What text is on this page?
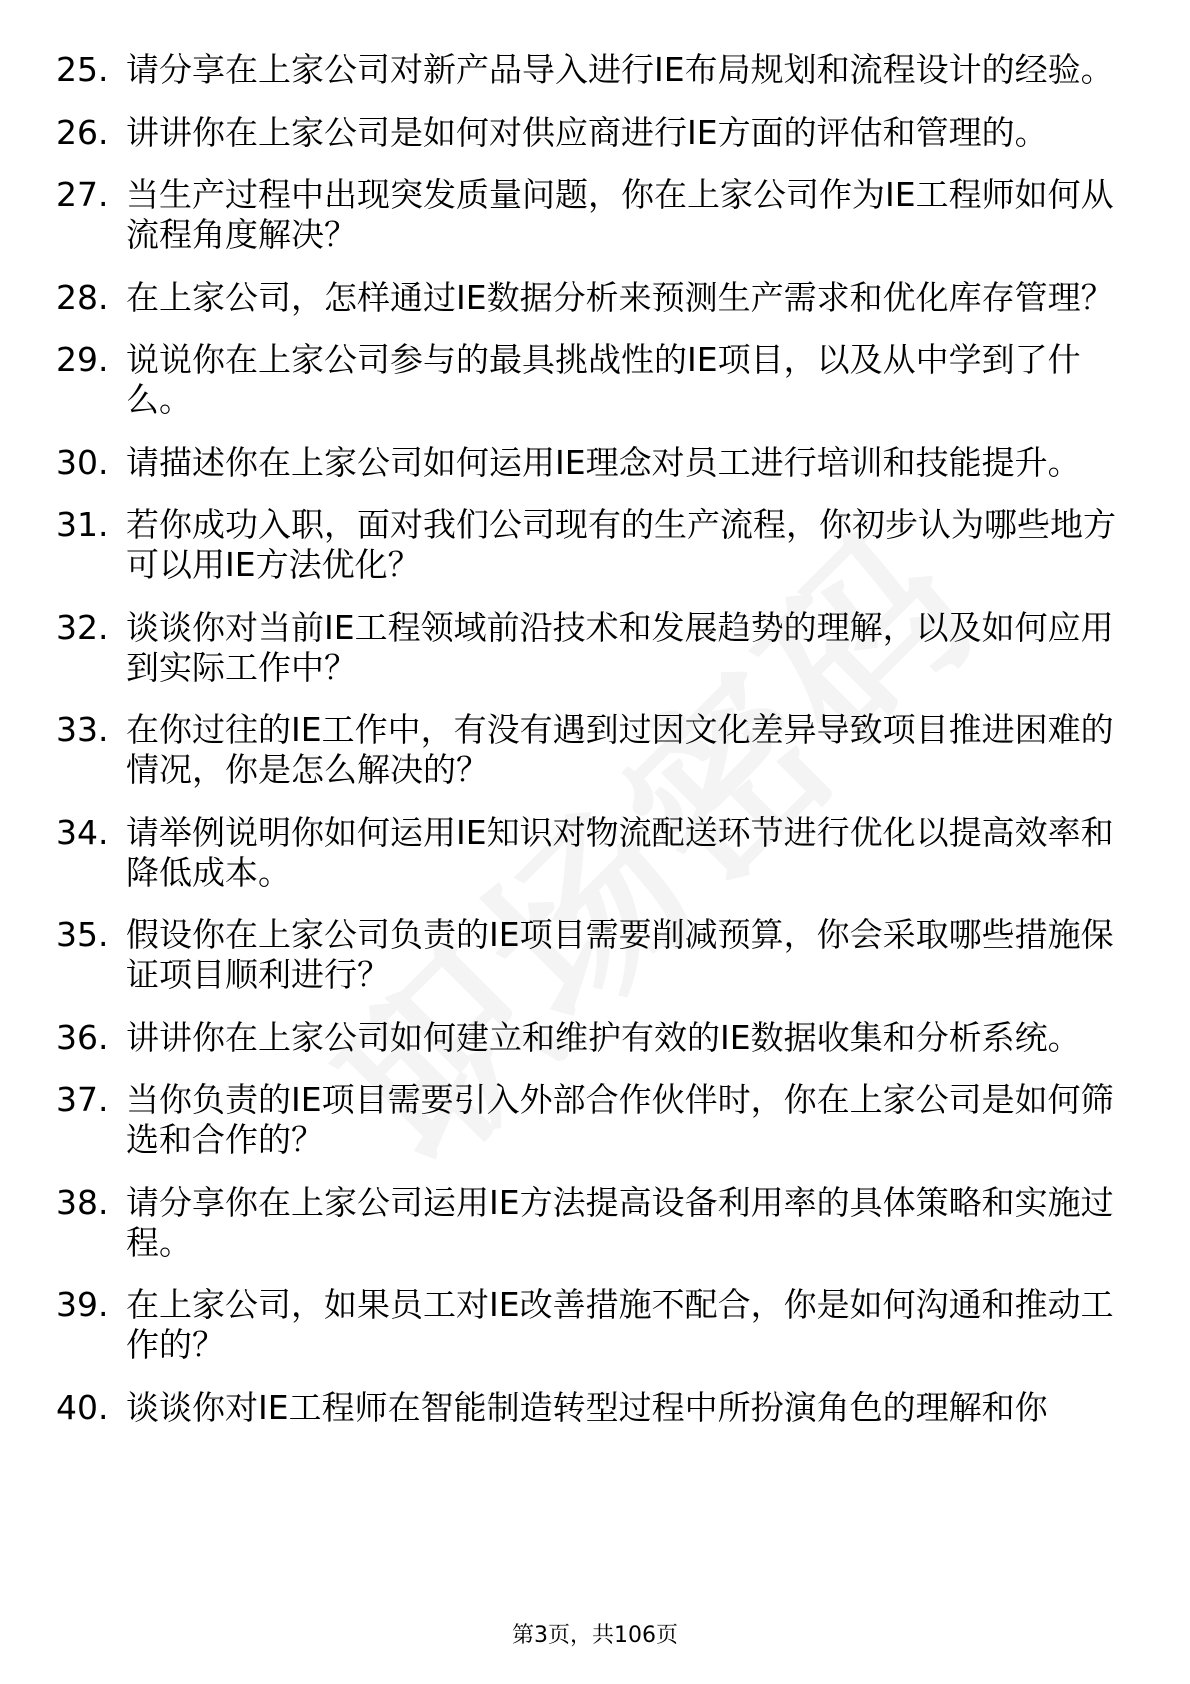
25. 请分享在上家公司对新产品导入进行IE布局规划和流程设计的经验。
26. 讲讲你在上家公司是如何对供应商进行IE方面的评估和管理的。
27. 当生产过程中出现突发质量问题，你在上家公司作为IE工程师如何从流程角度解决？
28. 在上家公司，怎样通过IE数据分析来预测生产需求和优化库存管理？
29. 说说你在上家公司参与的最具挑战性的IE项目，以及从中学到了什么。
30. 请描述你在上家公司如何运用IE理念对员工进行培训和技能提升。
31. 若你成功入职，面对我们公司现有的生产流程，你初步认为哪些地方可以用IE方法优化？
32. 谈谈你对当前IE工程领域前沿技术和发展趋势的理解，以及如何应用到实际工作中？
33. 在你过往的IE工作中，有没有遇到过因文化差异导致项目推进困难的情况，你是怎么解决的？
34. 请举例说明你如何运用IE知识对物流配送环节进行优化以提高效率和降低成本。
35. 假设你在上家公司负责的IE项目需要削减预算，你会采取哪些措施保证项目顺利进行？
36. 讲讲你在上家公司如何建立和维护有效的IE数据收集和分析系统。
37. 当你负责的IE项目需要引入外部合作伙伴时，你在上家公司是如何筛选和合作的？
38. 请分享你在上家公司运用IE方法提高设备利用率的具体策略和实施过程。
39. 在上家公司，如果员工对IE改善措施不配合，你是如何沟通和推动工作的？
40. 谈谈你对IE工程师在智能制造转型过程中所扮演角色的理解和你
第3页，共106页
